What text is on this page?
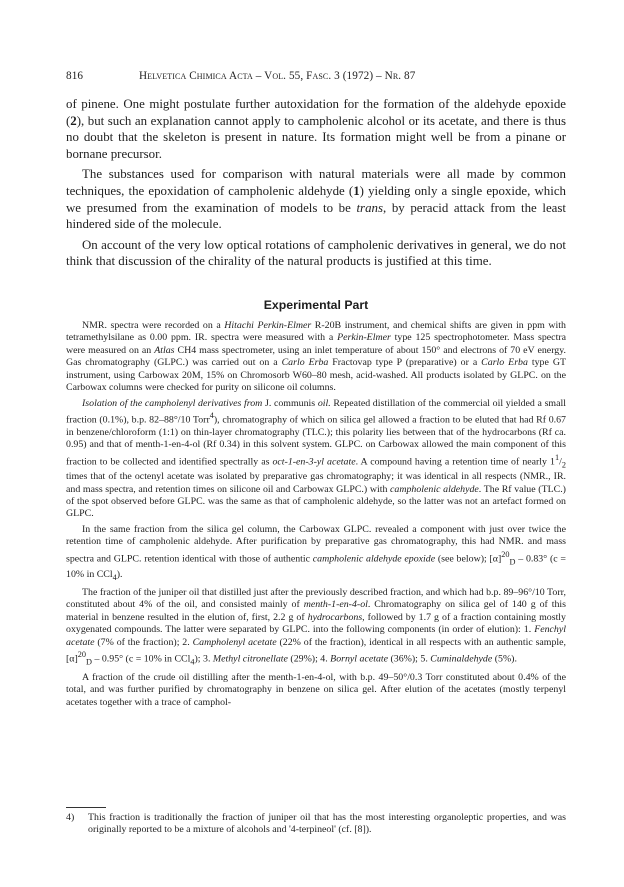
816	Helvetica Chimica Acta – Vol. 55, Fasc. 3 (1972) – Nr. 87

of pinene. One might postulate further autoxidation for the formation of the aldehyde epoxide (2), but such an explanation cannot apply to campholenic alcohol or its acetate, and there is thus no doubt that the skeleton is present in nature. Its formation might well be from a pinane or bornane precursor.

The substances used for comparison with natural materials were all made by common techniques, the epoxidation of campholenic aldehyde (1) yielding only a single epoxide, which we presumed from the examination of models to be trans, by peracid attack from the least hindered side of the molecule.

On account of the very low optical rotations of campholenic derivatives in general, we do not think that discussion of the chirality of the natural products is justified at this time.

Experimental Part

NMR. spectra were recorded on a Hitachi Perkin-Elmer R-20B instrument, and chemical shifts are given in ppm with tetramethylsilane as 0.00 ppm. IR. spectra were measured with a Perkin-Elmer type 125 spectrophotometer. Mass spectra were measured on an Atlas CH4 mass spectrometer, using an inlet temperature of about 150° and electrons of 70 eV energy. Gas chromatography (GLPC.) was carried out on a Carlo Erba Fractovap type P (preparative) or a Carlo Erba type GT instrument, using Carbowax 20M, 15% on Chromosorb W60–80 mesh, acid-washed. All products isolated by GLPC. on the Carbowax columns were checked for purity on silicone oil columns.

Isolation of the campholenyl derivatives from J. communis oil. Repeated distillation of the commercial oil yielded a small fraction (0.1%), b.p. 82–88°/10 Torr$^4$), chromatography of which on silica gel allowed a fraction to be eluted that had Rf 0.67 in benzene/chloroform (1:1) on thin-layer chromatography (TLC.); this polarity lies between that of the hydrocarbons (Rf ca. 0.95) and that of menth-1-en-4-ol (Rf 0.34) in this solvent system. GLPC. on Carbowax allowed the main component of this fraction to be collected and identified spectrally as oct-1-en-3-yl acetate. A compound having a retention time of nearly $1^1/_2$ times that of the octenyl acetate was isolated by preparative gas chromatography; it was identical in all respects (NMR., IR. and mass spectra, and retention times on silicone oil and Carbowax GLPC.) with campholenic aldehyde. The Rf value (TLC.) of the spot observed before GLPC. was the same as that of campholenic aldehyde, so the latter was not an artefact formed on GLPC.

In the same fraction from the silica gel column, the Carbowax GLPC. revealed a component with just over twice the retention time of campholenic aldehyde. After purification by preparative gas chromatography, this had NMR. and mass spectra and GLPC. retention identical with those of authentic campholenic aldehyde epoxide (see below); $[\alpha]^{20}_D - 0.83^\circ$ (c = 10% in CCl$_4$).

The fraction of the juniper oil that distilled just after the previously described fraction, and which had b.p. 89–96°/10 Torr, constituted about 4% of the oil, and consisted mainly of menth-1-en-4-ol. Chromatography on silica gel of 140 g of this material in benzene resulted in the elution of, first, 2.2 g of hydrocarbons, followed by 1.7 g of a fraction containing mostly oxygenated compounds. The latter were separated by GLPC. into the following components (in order of elution): 1. Fenchyl acetate (7% of the fraction); 2. Campholenyl acetate (22% of the fraction), identical in all respects with an authentic sample, $[\alpha]^{20}_D - 0.95^\circ$ (c = 10% in CCl$_4$); 3. Methyl citronellate (29%); 4. Bornyl acetate (36%); 5. Cuminaldehyde (5%).

A fraction of the crude oil distilling after the menth-1-en-4-ol, with b.p. 49–50°/0.3 Torr constituted about 0.4% of the total, and was further purified by chromatography in benzene on silica gel. After elution of the acetates (mostly terpenyl acetates together with a trace of camphol-

4) This fraction is traditionally the fraction of juniper oil that has the most interesting organoleptic properties, and was originally reported to be a mixture of alcohols and '4-terpineol' (cf. [8]).
